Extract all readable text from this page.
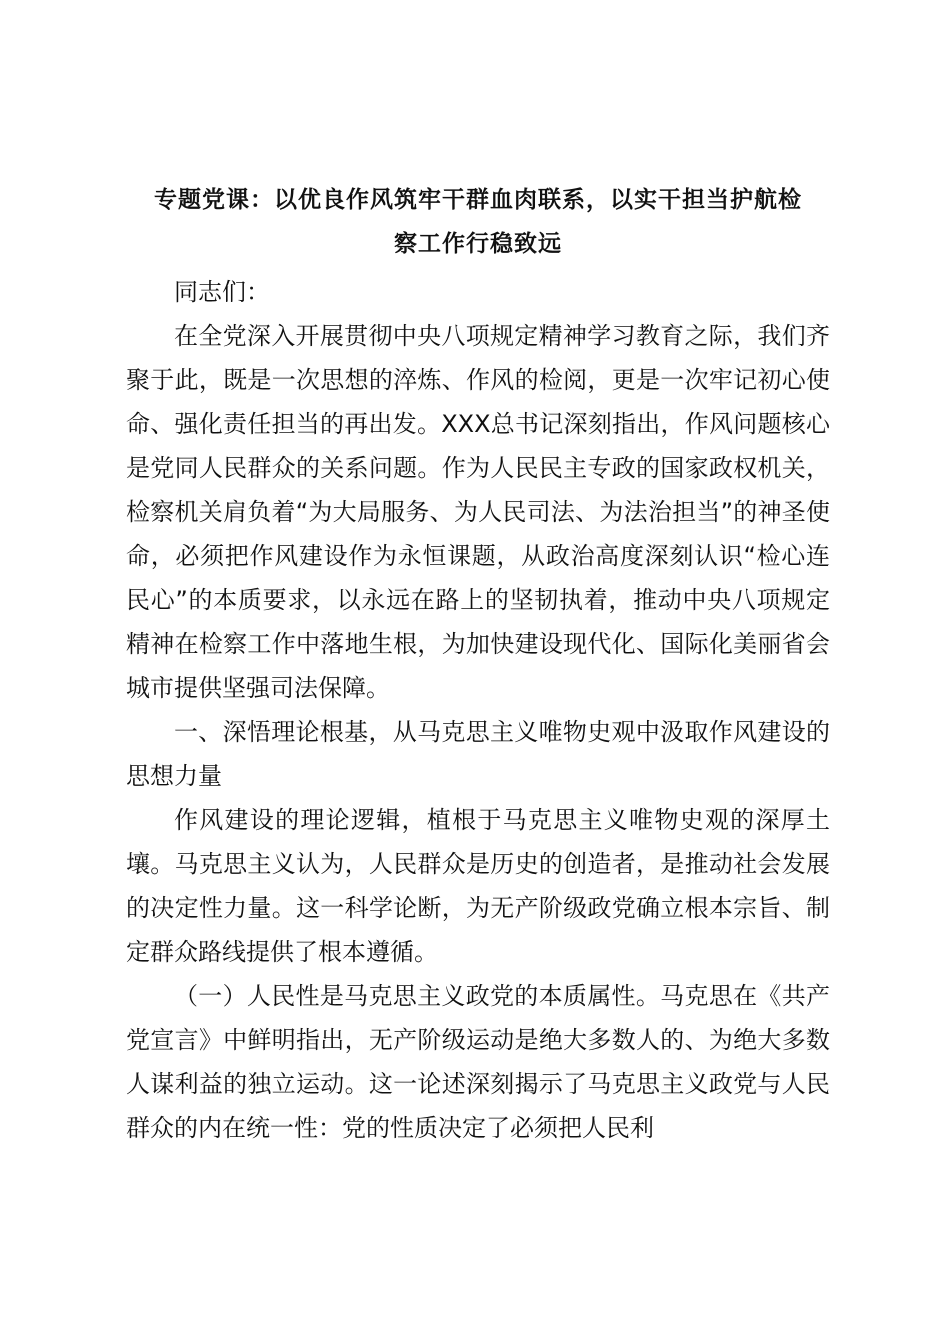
专题党课：以优良作风筑牢干群血肉联系，以实干担当护航检
察工作行稳致远

同志们：

在全党深入开展贯彻中央八项规定精神学习教育之际，我们齐聚于此，既是一次思想的淬炼、作风的检阅，更是一次牢记初心使命、强化责任担当的再出发。XXX总书记深刻指出，作风问题核心是党同人民群众的关系问题。作为人民民主专政的国家政权机关，检察机关肩负着“为大局服务、为人民司法、为法治担当”的神圣使命，必须把作风建设作为永恒课题，从政治高度深刻认识“检心连民心”的本质要求，以永远在路上的坚韧执着，推动中央八项规定精神在检察工作中落地生根，为加快建设现代化、国际化美丽省会城市提供坚强司法保障。

一、深悟理论根基，从马克思主义唯物史观中汲取作风建设的思想力量

作风建设的理论逻辑，植根于马克思主义唯物史观的深厚土壤。马克思主义认为，人民群众是历史的创造者，是推动社会发展的决定性力量。这一科学论断，为无产阶级政党确立根本宗旨、制定群众路线提供了根本遵循。

（一）人民性是马克思主义政党的本质属性。马克思在《共产党宣言》中鲜明指出，无产阶级运动是绝大多数人的、为绝大多数人谋利益的独立运动。这一论述深刻揭示了马克思主义政党与人民群众的内在统一性：党的性质决定了必须把人民利
